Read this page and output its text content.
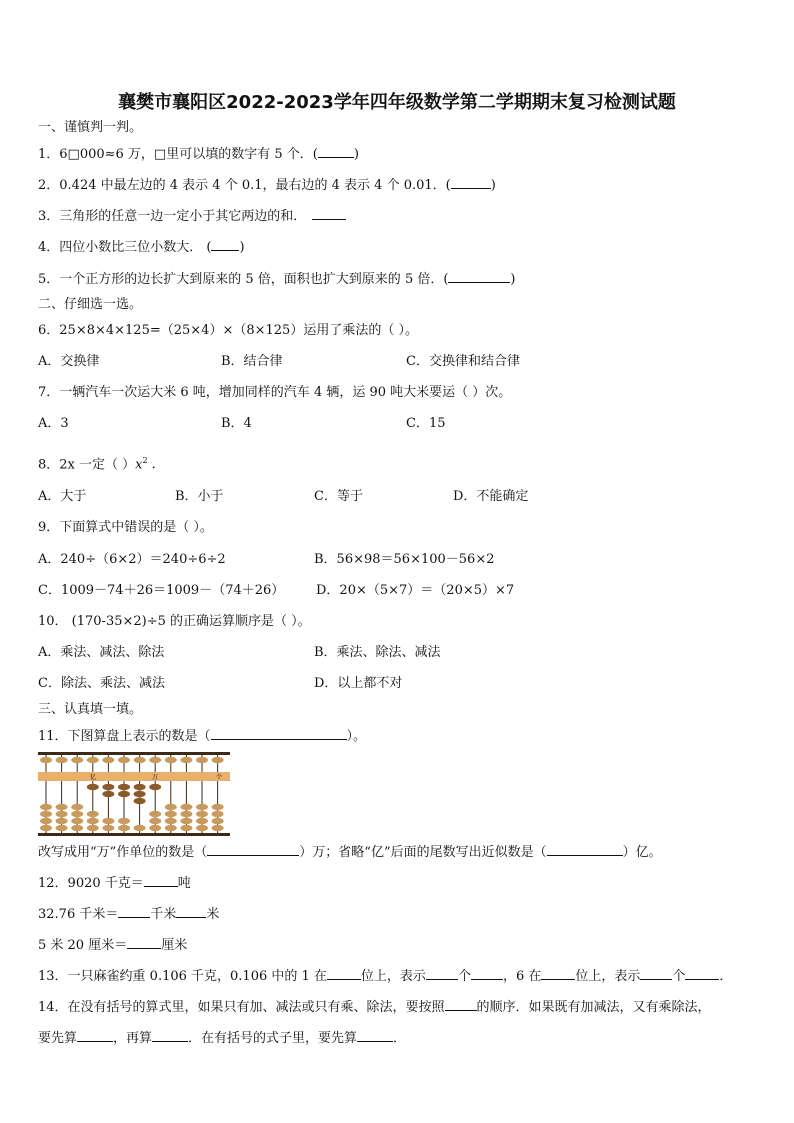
襄樊市襄阳区2022-2023学年四年级数学第二学期期末复习检测试题
一、谨慎判一判。
1．6□000≈6 万，□里可以填的数字有 5 个．(	)
2．0.424 中最左边的 4 表示 4 个 0.1，最右边的 4 表示 4 个 0.01．(	)
3．三角形的任意一边一定小于其它两边的和．
4．四位小数比三位小数大． ( )
5．一个正方形的边长扩大到原来的 5 倍，面积也扩大到原来的 5 倍．(	)
二、仔细选一选。
6．25×8×4×125=（25×4）×（8×125）运用了乘法的（ ）。
A．交换律	B．结合律	C．交换律和结合律
7．一辆汽车一次运大米 6 吨，增加同样的汽车 4 辆，运 90 吨大米要运（ ）次。
A．3	B．4	C．15
8．2x 一定（ ）$x^2$ ．
A．大于	B．小于	C．等于	D．不能确定
9．下面算式中错误的是（ ）。
A．240÷（6×2）＝240÷6÷2	B．56×98＝56×100－56×2
C．1009－74＋26＝1009－（74＋26） D．20×（5×7）＝（20×5）×7
10． (170-35×2)÷5 的正确运算顺序是（ ）。
A．乘法、减法、除法	B．乘法、除法、减法
C．除法、乘法、减法	D．以上都不对
三、认真填一填。
11．下图算盘上表示的数是（	）。
亿	万	个
改写成用“万”作单位的数是（	）万；省略“亿”后面的尾数写出近似数是（	）亿。
12．9020 千克＝	吨
32.76 千米＝ 千米 米
5 米 20 厘米＝	厘米
13．一只麻雀约重 0.106 千克，0.106 中的 1 在	位上，表示 个 ，6 在	位上，表示 个	．
14．在没有括号的算式里，如果只有加、减法或只有乘、除法，要按照 的顺序．如果既有加减法，又有乘除法，
要先算	，再算	．在有括号的式子里，要先算	．
